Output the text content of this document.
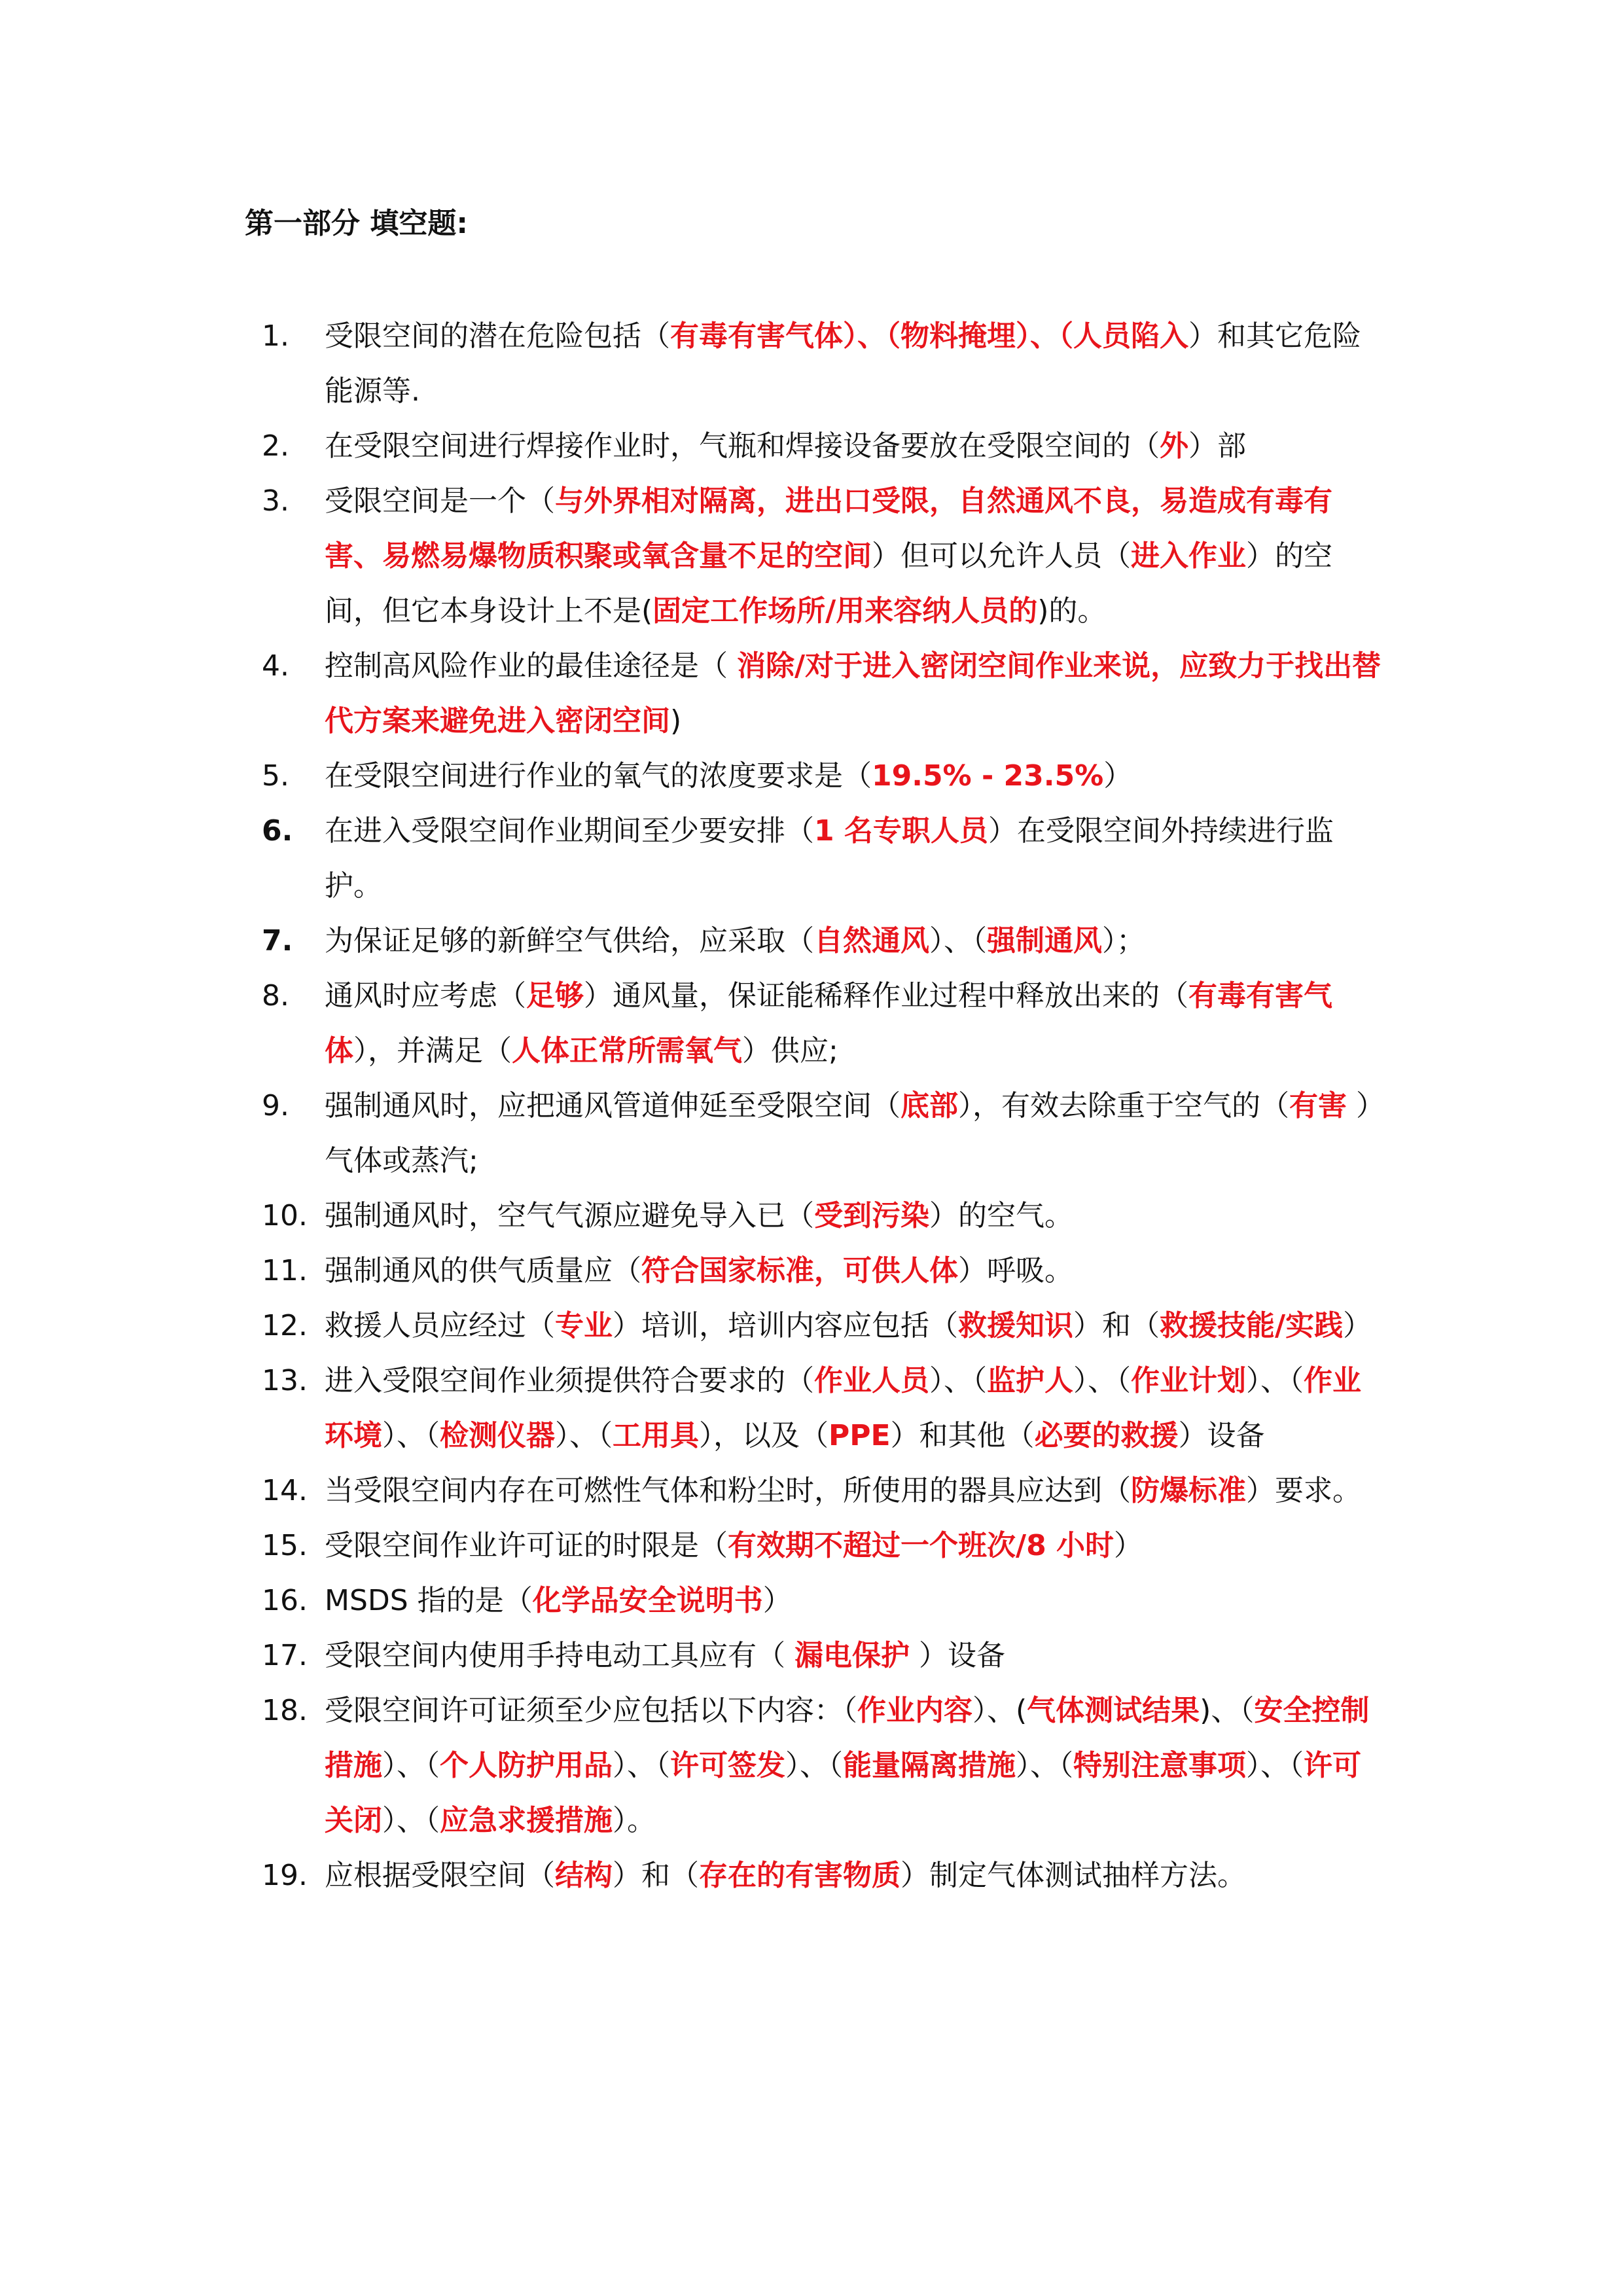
第一部分 填空题:
1.	受限空间的潜在危险包括（有毒有害气体）、（物料掩埋）、（人员陷入）和其它危险能源等.
2.	在受限空间进行焊接作业时，气瓶和焊接设备要放在受限空间的（外）部
3.	受限空间是一个（与外界相对隔离，进出口受限，自然通风不良，易造成有毒有害、易燃易爆物质积聚或氧含量不足的空间）但可以允许人员（进入作业）的空间，但它本身设计上不是(固定工作场所/用来容纳人员的)的。
4.	控制高风险作业的最佳途径是（ 消除/对于进入密闭空间作业来说，应致力于找出替代方案来避免进入密闭空间)
5.	在受限空间进行作业的氧气的浓度要求是（19.5% - 23.5%）
6.	在进入受限空间作业期间至少要安排（1 名专职人员）在受限空间外持续进行监护。
7.	为保证足够的新鲜空气供给，应采取（自然通风）、（强制通风）；
8.	通风时应考虑（足够）通风量，保证能稀释作业过程中释放出来的（有毒有害气体），并满足（人体正常所需氧气）供应;
9.	强制通风时，应把通风管道伸延至受限空间（底部），有效去除重于空气的（有害 ）气体或蒸汽;
10. 强制通风时，空气气源应避免导入已（受到污染）的空气。
11. 强制通风的供气质量应（符合国家标准，可供人体）呼吸。
12. 救援人员应经过（专业）培训，培训内容应包括（救援知识）和（救援技能/实践）
13. 进入受限空间作业须提供符合要求的（作业人员）、（监护人）、（作业计划）、（作业环境）、（检测仪器）、（工用具），以及（PPE）和其他（必要的救援）设备
14. 当受限空间内存在可燃性气体和粉尘时，所使用的器具应达到（防爆标准）要求。
15. 受限空间作业许可证的时限是（有效期不超过一个班次/8 小时）
16. MSDS 指的是（化学品安全说明书）
17. 受限空间内使用手持电动工具应有（ 漏电保护 ）设备
18. 受限空间许可证须至少应包括以下内容：（作业内容）、(气体测试结果)、（安全控制措施）、（个人防护用品）、（许可签发）、（能量隔离措施）、（特别注意事项）、（许可关闭）、（应急求援措施）。
19. 应根据受限空间（结构）和（存在的有害物质）制定气体测试抽样方法。
